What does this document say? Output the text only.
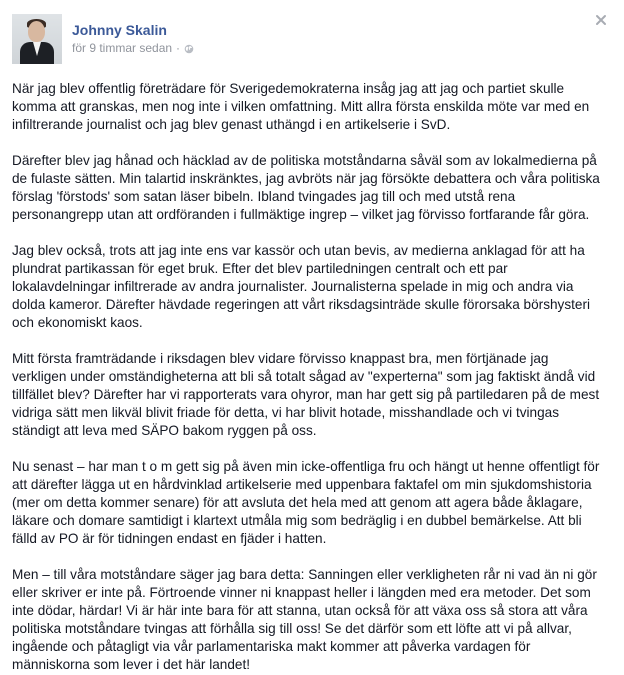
Johnny Skalin
för 9 timmar sedan ·

När jag blev offentlig företrädare för Sverigedemokraterna insåg jag att jag och partiet skulle komma att granskas, men nog inte i vilken omfattning. Mitt allra första enskilda möte var med en infiltrerande journalist och jag blev genast uthängd i en artikelserie i SvD.

Därefter blev jag hånad och häcklad av de politiska motståndarna såväl som av lokalmedierna på de fulaste sätten. Min talartid inskränktes, jag avbröts när jag försökte debattera och våra politiska förslag 'förstods' som satan läser bibeln. Ibland tvingades jag till och med utstå rena personangrepp utan att ordföranden i fullmäktige ingrep – vilket jag förvisso fortfarande får göra.

Jag blev också, trots att jag inte ens var kassör och utan bevis, av medierna anklagad för att ha plundrat partikassan för eget bruk. Efter det blev partiledningen centralt och ett par lokalavdelningar infiltrerade av andra journalister. Journalisterna spelade in mig och andra via dolda kameror. Därefter hävdade regeringen att vårt riksdagsinträde skulle förorsaka börshysteri och ekonomiskt kaos.

Mitt första framträdande i riksdagen blev vidare förvisso knappast bra, men förtjänade jag verkligen under omständigheterna att bli så totalt sågad av "experterna" som jag faktiskt ändå vid tillfället blev? Därefter har vi rapporterats vara ohyror, man har gett sig på partiledaren på de mest vidriga sätt men likväl blivit friade för detta, vi har blivit hotade, misshandlade och vi tvingas ständigt att leva med SÄPO bakom ryggen på oss.

Nu senast – har man t o m gett sig på även min icke-offentliga fru och hängt ut henne offentligt för att därefter lägga ut en hårdvinklad artikelserie med uppenbara faktafel om min sjukdomshistoria (mer om detta kommer senare) för att avsluta det hela med att genom att agera både åklagare, läkare och domare samtidigt i klartext utmåla mig som bedräglig i en dubbel bemärkelse. Att bli fälld av PO är för tidningen endast en fjäder i hatten.

Men – till våra motståndare säger jag bara detta: Sanningen eller verkligheten rår ni vad än ni gör eller skriver er inte på. Förtroende vinner ni knappast heller i längden med era metoder. Det som inte dödar, härdar! Vi är här inte bara för att stanna, utan också för att växa oss så stora att våra politiska motståndare tvingas att förhålla sig till oss! Se det därför som ett löfte att vi på allvar, ingående och påtagligt via vår parlamentariska makt kommer att påverka vardagen för människorna som lever i det här landet!
